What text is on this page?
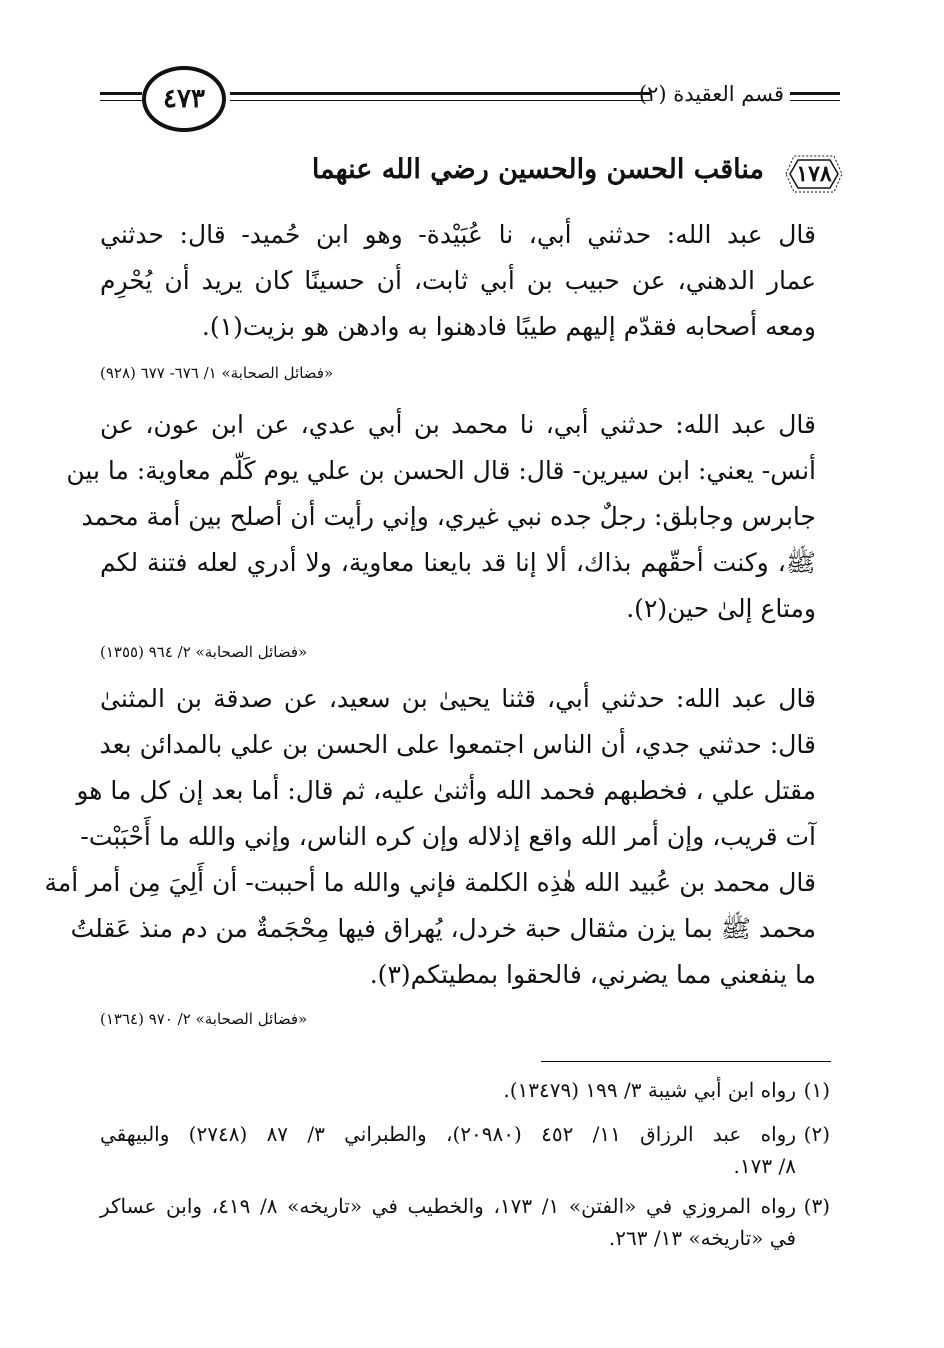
٤٧٣	قسم العقيدة (٢)
١٧٨
مناقب الحسن والحسين رضي الله عنهما
قال عبد الله: حدثني أبي، نا عُبَيْدة- وهو ابن حُميد- قال: حدثني
عمار الدهني، عن حبيب بن أبي ثابت، أن حسينًا كان يريد أن يُحْرِم
ومعه أصحابه فقدّم إليهم طيبًا فادهنوا به وادهن هو بزيت(١).
«فضائل الصحابة» ١/ ٦٧٦- ٦٧٧ (٩٢٨)
قال عبد الله: حدثني أبي، نا محمد بن أبي عدي، عن ابن عون، عن
أنس- يعني: ابن سيرين- قال: قال الحسن بن علي يوم كَلّم معاوية: ما بين
جابرس وجابلق: رجلٌ جده نبي غيري، وإني رأيت أن أصلح بين أمة محمد
ﷺ، وكنت أحقّهم بذاك، ألا إنا قد بايعنا معاوية، ولا أدري لعله فتنة لكم
ومتاع إلىٰ حين(٢).
«فضائل الصحابة» ٢/ ٩٦٤ (١٣٥٥)
قال عبد الله: حدثني أبي، قثنا يحيىٰ بن سعيد، عن صدقة بن المثنىٰ
قال: حدثني جدي، أن الناس اجتمعوا على الحسن بن علي بالمدائن بعد
مقتل علي ، فخطبهم فحمد الله وأثنىٰ عليه، ثم قال: أما بعد إن كل ما هو
آت قريب، وإن أمر الله واقع إذلاله وإن كره الناس، وإني والله ما أَحْبَبْت-
قال محمد بن عُبيد الله هٰذِه الكلمة فإني والله ما أحببت- أن أَلِيَ مِن أمر أمة
محمد ﷺ بما يزن مثقال حبة خردل، يُهراق فيها مِحْجَمةٌ من دم منذ عَقلتُ
ما ينفعني مما يضرني، فالحقوا بمطيتكم(٣).
«فضائل الصحابة» ٢/ ٩٧٠ (١٣٦٤)
(١)رواه ابن أبي شيبة ٣/ ١٩٩ (١٣٤٧٩).
(٢)
رواه عبد الرزاق ١١/ ٤٥٢ (٢٠٩٨٠)، والطبراني ٣/ ٨٧ (٢٧٤٨) والبيهقي
٨/ ١٧٣.
(٣)
رواه المروزي في «الفتن» ١/ ١٧٣، والخطيب في «تاريخه» ٨/ ٤١٩، وابن عساكر
في «تاريخه» ١٣/ ٢٦٣.
